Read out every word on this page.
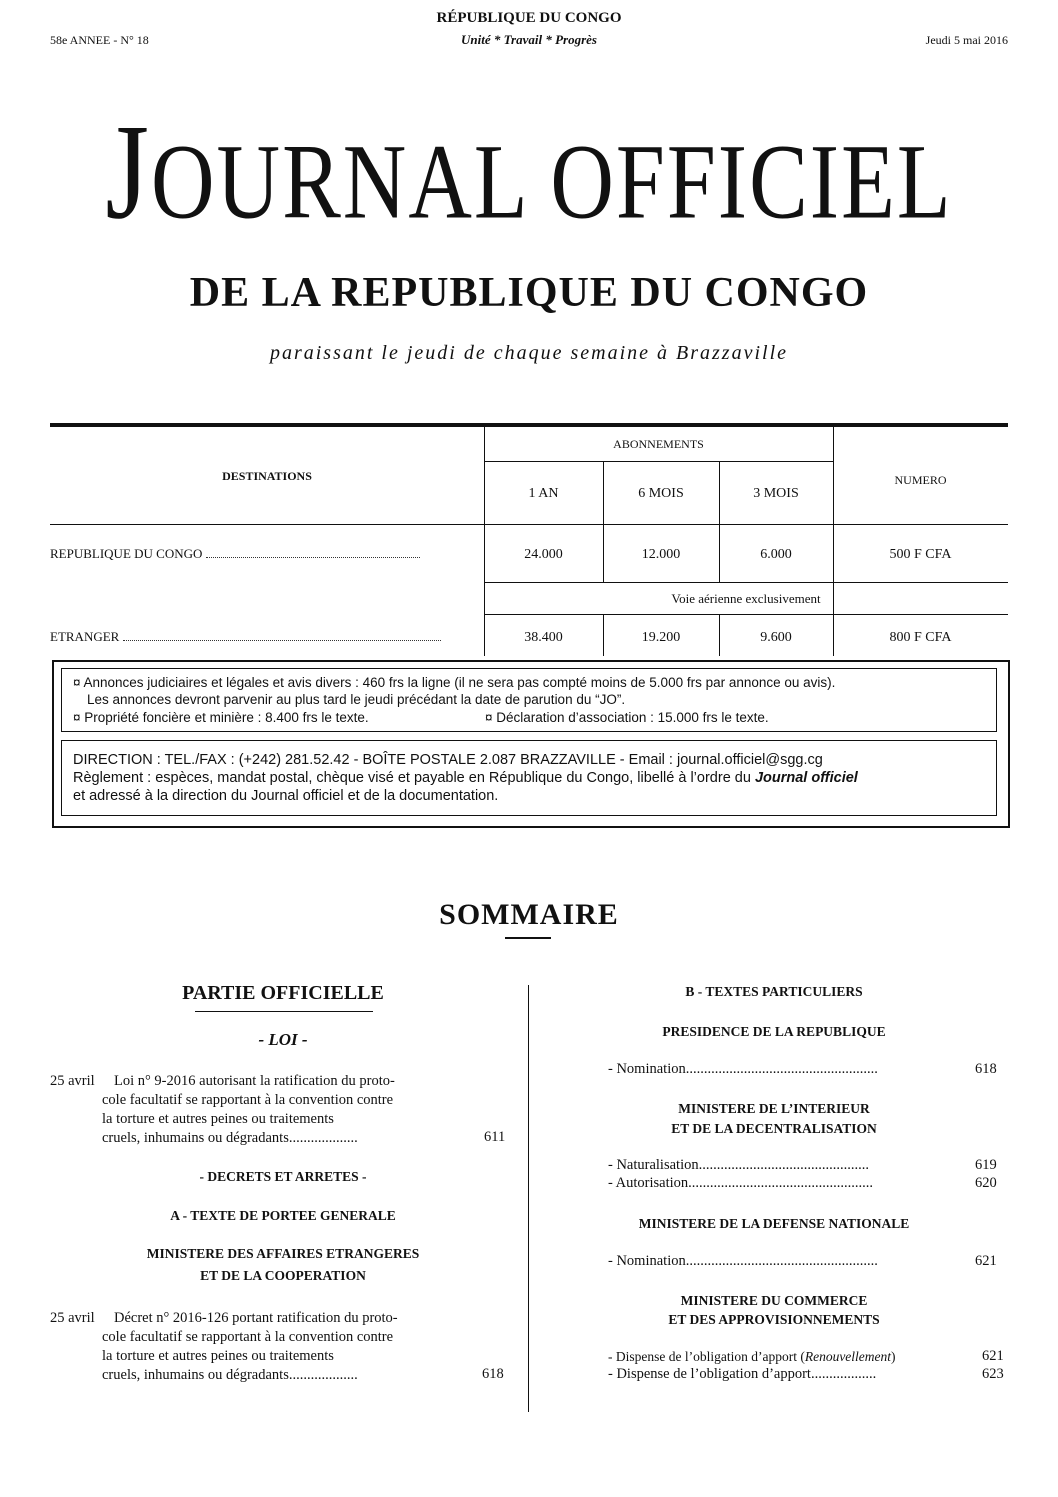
58e ANNEE - N° 18
RÉPUBLIQUE DU CONGO
Unité * Travail * Progrès	Jeudi 5 mai 2016
JOURNAL OFFICIEL
DE LA REPUBLIQUE DU CONGO
paraissant le jeudi de chaque semaine à Brazzaville
DESTINATIONS
ABONNEMENTS
NUMERO
1 AN	6 MOIS	3 MOIS
REPUBLIQUE DU CONGO	24.000	12.000	6.000	500 F CFA
Voie aérienne exclusivement
ETRANGER	38.400	19.200	9.600	800 F CFA
¤ Annonces judiciaires et légales et avis divers : 460 frs la ligne (il ne sera pas compté moins de 5.000 frs par annonce ou avis).
Les annonces devront parvenir au plus tard le jeudi précédant la date de parution du “JO”.
¤ Propriété foncière et minière : 8.400 frs le texte.	¤ Déclaration d’association : 15.000 frs le texte.
DIRECTION : TEL./FAX : (+242) 281.52.42 - BOÎTE POSTALE 2.087 BRAZZAVILLE - Email : journal.officiel@sgg.cg
Règlement : espèces, mandat postal, chèque visé et payable en République du Congo, libellé à l’ordre du Journal officiel
et adressé à la direction du Journal officiel et de la documentation.
SOMMAIRE
PARTIE OFFICIELLE
- LOI -
25 avril Loi n° 9-2016 autorisant la ratification du proto-
cole facultatif se rapportant à la convention contre
la torture et autres peines ou traitements
cruels, inhumains ou dégradants...................	611
- DECRETS ET ARRETES -
A - TEXTE DE PORTEE GENERALE
MINISTERE DES AFFAIRES ETRANGERES
ET DE LA COOPERATION
25 avril Décret n° 2016-126 portant ratification du proto-
cole facultatif se rapportant à la convention contre
la torture et autres peines ou traitements
cruels, inhumains ou dégradants...................	618
B - TEXTES PARTICULIERS
PRESIDENCE DE LA REPUBLIQUE
- Nomination.....................................................	618
MINISTERE DE L’INTERIEUR
ET DE LA DECENTRALISATION
- Naturalisation...............................................	619
- Autorisation...................................................	620
MINISTERE DE LA DEFENSE NATIONALE
- Nomination.....................................................	621
MINISTERE DU COMMERCE
ET DES APPROVISIONNEMENTS
- Dispense de l’obligation d’apport (Renouvellement)	621
- Dispense de l’obligation d’apport..................	623
